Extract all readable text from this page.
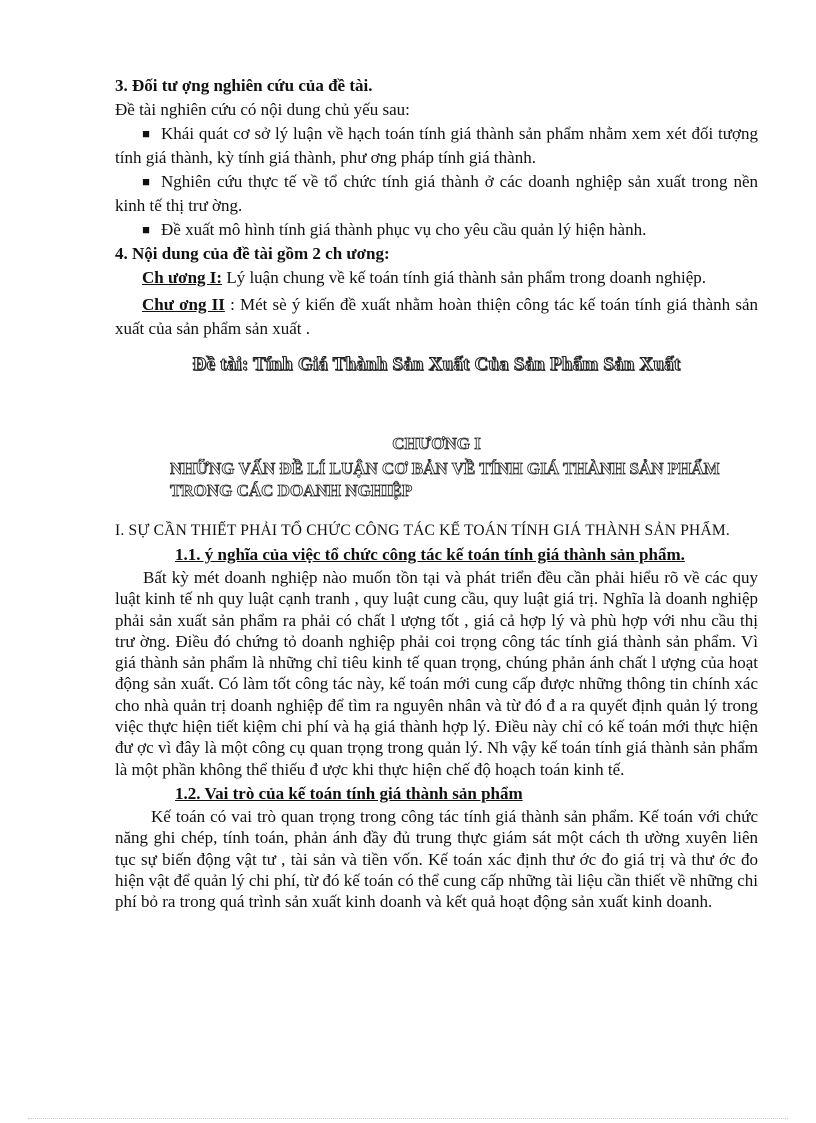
3. Đối tư ợng nghiên cứu của đề tài.

Đề tài nghiên cứu có nội dung chủ yếu sau:

■ Khái quát cơ sở lý luận về hạch toán tính giá thành sản phẩm nhằm xem xét đối tượng tính giá thành, kỳ tính giá thành, phư ơng pháp tính giá thành.

■ Nghiên cứu thực tế về tổ chức tính giá thành ở các doanh nghiệp sản xuất trong nền kinh tế thị trư ờng.

■ Đề xuất mô hình tính giá thành phục vụ cho yêu cầu quản lý hiện hành.

4. Nội dung của đề tài gồm 2 ch ương:

Ch ương I: Lý luận chung về kế toán tính giá thành sản phẩm trong doanh nghiệp.

Chư ơng II : Mét sè ý kiến đề xuất nhằm hoàn thiện công tác kế toán tính giá thành sản xuất của sản phẩm sản xuất .

Đề tài: Tính Giá Thành Sản Xuất Của Sản Phẩm Sản Xuất

CHƯƠNG I

NHỮNG VẤN ĐỀ LÍ LUẬN CƠ BẢN VỀ TÍNH GIÁ THÀNH SẢN PHẨM TRONG CÁC DOANH NGHIỆP

I. SỰ CẦN THIẾT PHẢI TỔ CHỨC CÔNG TÁC KẾ TOÁN TÍNH GIÁ THÀNH SẢN PHẨM.

1.1. ý nghĩa của việc tổ chức công tác kế toán tính giá thành sản phẩm.

Bất kỳ mét doanh nghiệp nào muốn tồn tại và phát triển đều cần phải hiểu rõ về các quy luật kinh tế nh quy luật cạnh tranh , quy luật cung cầu, quy luật giá trị. Nghĩa là doanh nghiệp phải sản xuất sản phẩm ra phải có chất l ượng tốt , giá cả hợp lý và phù hợp với nhu cầu thị trư ờng. Điều đó chứng tỏ doanh nghiệp phải coi trọng công tác tính giá thành sản phẩm. Vì giá thành sản phẩm là những chỉ tiêu kinh tế quan trọng, chúng phản ánh chất l ượng của hoạt động sản xuất. Có làm tốt công tác này, kế toán mới cung cấp được những thông tin chính xác cho nhà quản trị doanh nghiệp để tìm ra nguyên nhân và từ đó đ a ra quyết định quản lý trong việc thực hiện tiết kiệm chi phí và hạ giá thành hợp lý. Điều này chỉ có kế toán mới thực hiện đư ợc vì đây là một công cụ quan trọng trong quản lý. Nh vậy kế toán tính giá thành sản phẩm là một phần không thể thiếu đ ược khi thực hiện chế độ hoạch toán kinh tế.

1.2. Vai trò của kế toán tính giá thành sản phẩm

Kế toán có vai trò quan trọng trong công tác tính giá thành sản phẩm. Kế toán với chức năng ghi chép, tính toán, phản ánh đầy đủ trung thực giám sát một cách th ường xuyên liên tục sự biến động vật tư , tài sản và tiền vốn. Kế toán xác định thư ớc đo giá trị và thư ớc đo hiện vật để quản lý chi phí, từ đó kế toán có thể cung cấp những tài liệu cần thiết về những chi phí bỏ ra trong quá trình sản xuất kinh doanh và kết quả hoạt động sản xuất kinh doanh.
